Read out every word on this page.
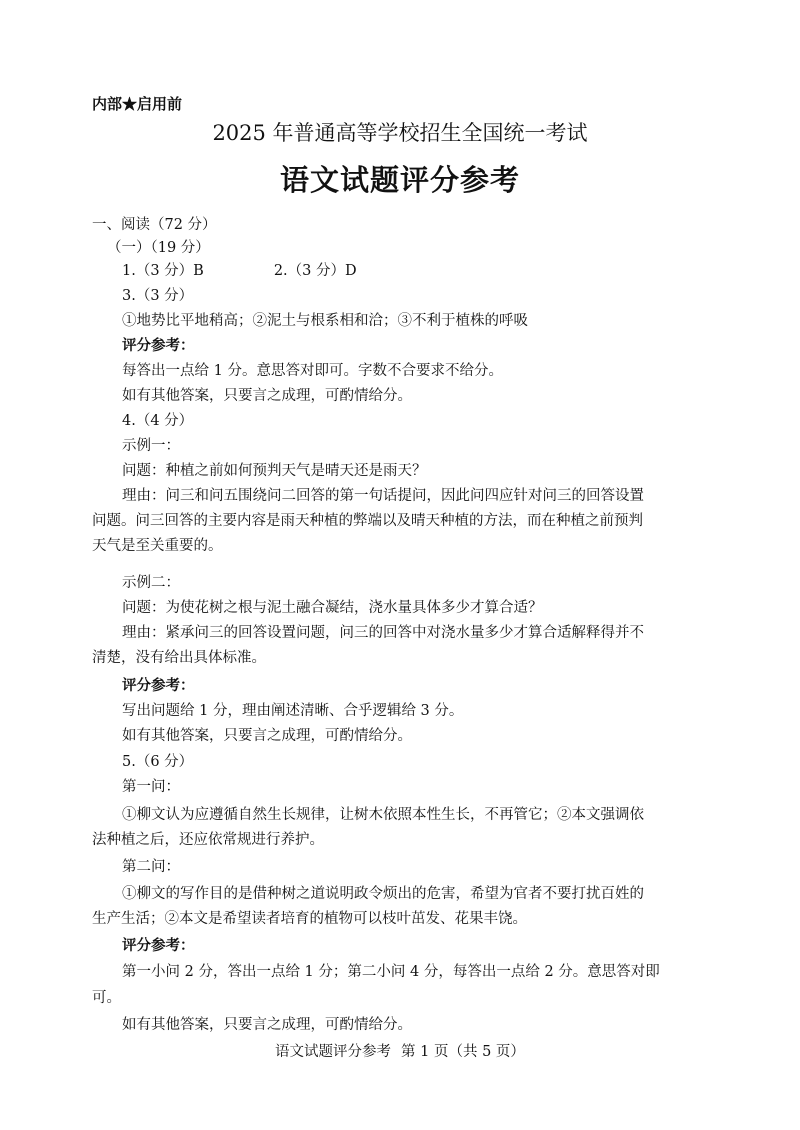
内部★启用前
2025 年普通高等学校招生全国统一考试
语文试题评分参考
一、阅读（72 分）
（一）（19 分）
1.（3 分）B	2.（3 分）D
3.（3 分）
①地势比平地稍高；②泥土与根系相和洽；③不利于植株的呼吸
评分参考：
每答出一点给 1 分。意思答对即可。字数不合要求不给分。
如有其他答案，只要言之成理，可酌情给分。
4.（4 分）
示例一：
问题：种植之前如何预判天气是晴天还是雨天？
理由：问三和问五围绕问二回答的第一句话提问，因此问四应针对问三的回答设置
问题。问三回答的主要内容是雨天种植的弊端以及晴天种植的方法，而在种植之前预判
天气是至关重要的。
示例二：
问题：为使花树之根与泥土融合凝结，浇水量具体多少才算合适？
理由：紧承问三的回答设置问题，问三的回答中对浇水量多少才算合适解释得并不
清楚，没有给出具体标准。
评分参考：
写出问题给 1 分，理由阐述清晰、合乎逻辑给 3 分。
如有其他答案，只要言之成理，可酌情给分。
5.（6 分）
第一问：
①柳文认为应遵循自然生长规律，让树木依照本性生长，不再管它；②本文强调依
法种植之后，还应依常规进行养护。
第二问：
①柳文的写作目的是借种树之道说明政令烦出的危害，希望为官者不要打扰百姓的
生产生活；②本文是希望读者培育的植物可以枝叶茁发、花果丰饶。
评分参考：
第一小问 2 分，答出一点给 1 分；第二小问 4 分，每答出一点给 2 分。意思答对即
可。
如有其他答案，只要言之成理，可酌情给分。
语文试题评分参考 第 1 页（共 5 页）
